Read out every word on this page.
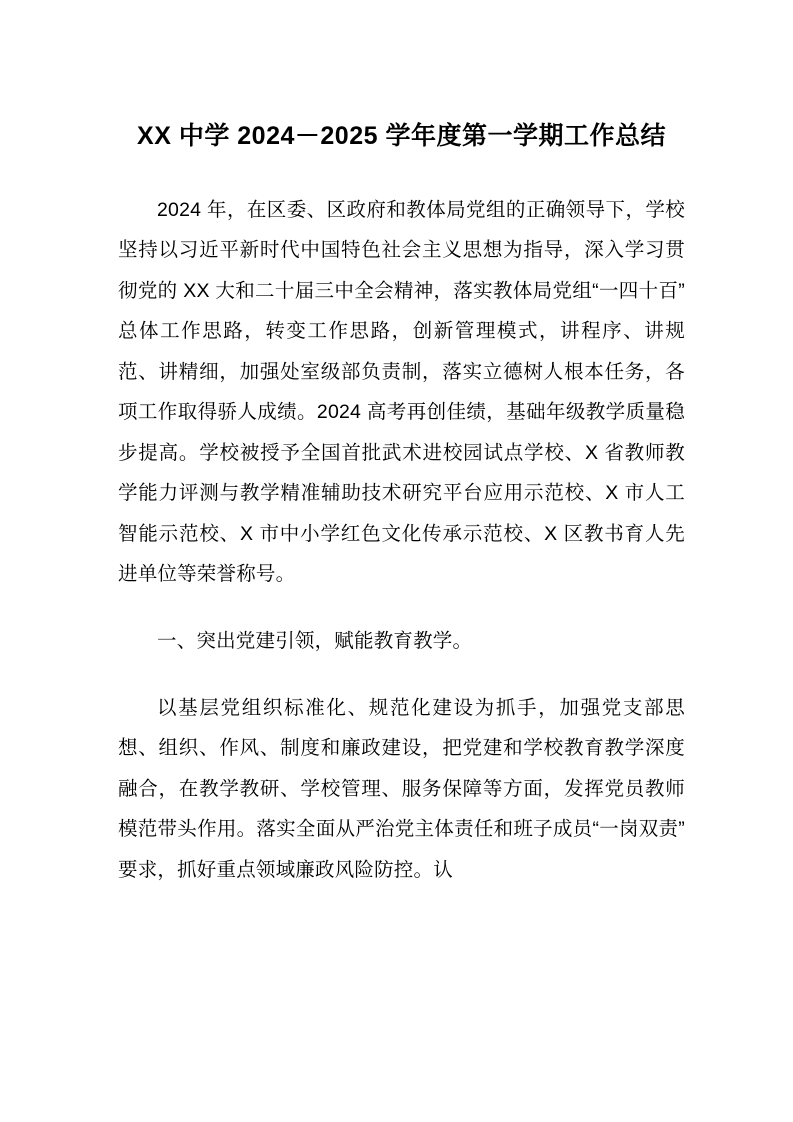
XX 中学 2024－2025 学年度第一学期工作总结

2024 年，在区委、区政府和教体局党组的正确领导下，学校坚持以习近平新时代中国特色社会主义思想为指导，深入学习贯彻党的 XX 大和二十届三中全会精神，落实教体局党组“一四十百”总体工作思路，转变工作思路，创新管理模式，讲程序、讲规范、讲精细，加强处室级部负责制，落实立德树人根本任务，各项工作取得骄人成绩。2024 高考再创佳绩，基础年级教学质量稳步提高。学校被授予全国首批武术进校园试点学校、X 省教师教学能力评测与教学精准辅助技术研究平台应用示范校、X 市人工智能示范校、X 市中小学红色文化传承示范校、X 区教书育人先进单位等荣誉称号。

一、突出党建引领，赋能教育教学。

以基层党组织标准化、规范化建设为抓手，加强党支部思想、组织、作风、制度和廉政建设，把党建和学校教育教学深度融合，在教学教研、学校管理、服务保障等方面，发挥党员教师模范带头作用。落实全面从严治党主体责任和班子成员“一岗双责”要求，抓好重点领域廉政风险防控。认
